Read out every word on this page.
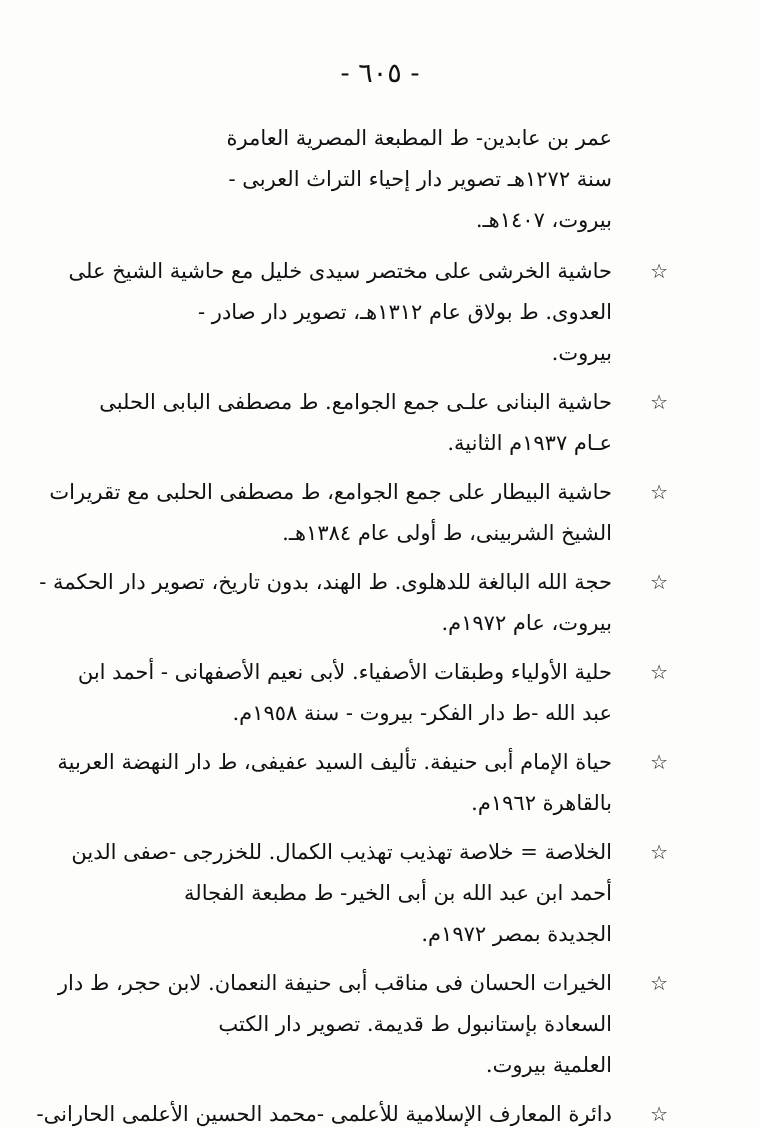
- ٦٠٥ -
عمر بن عابدين- ط المطبعة المصرية العامرة
سنة ١٢٧٢هـ تصوير دار إحياء التراث العربى -
بيروت، ١٤٠٧هـ.
☆
حاشية الخرشى على مختصر سيدى خليل مع حاشية الشيخ على
العدوى. ط بولاق عام ١٣١٢هـ، تصوير دار صادر -
بيروت.
☆
حاشية البنانى علـى جمع الجوامع. ط مصطفى البابى الحلبى
عـام ١٩٣٧م الثانية.
☆
حاشية البيطار على جمع الجوامع، ط مصطفى الحلبى مع تقريرات
الشيخ الشربينى، ط أولى عام ١٣٨٤هـ.
☆
حجة الله البالغة للدهلوى. ط الهند، بدون تاريخ، تصوير دار الحكمة -
بيروت، عام ١٩٧٢م.
☆
حلية الأولياء وطبقات الأصفياء. لأبى نعيم الأصفهانى - أحمد ابن
عبد الله -ط دار الفكر- بيروت - سنة ١٩٥٨م.
☆
حياة الإمام أبى حنيفة. تأليف السيد عفيفى، ط دار النهضة العربية
بالقاهرة ١٩٦٢م.
☆
الخلاصة = خلاصة تهذيب تهذيب الكمال. للخزرجى -صفى الدين
أحمد ابن عبد الله بن أبى الخير- ط مطبعة الفجالة
الجديدة بمصر ١٩٧٢م.
☆
الخيرات الحسان فى مناقب أبى حنيفة النعمان. لابن حجر، ط دار
السعادة بإستانبول ط قديمة. تصوير دار الكتب
العلمية بيروت.
☆
دائرة المعارف الإسلامية للأعلمى -محمد الحسين الأعلمى الحارانى-
